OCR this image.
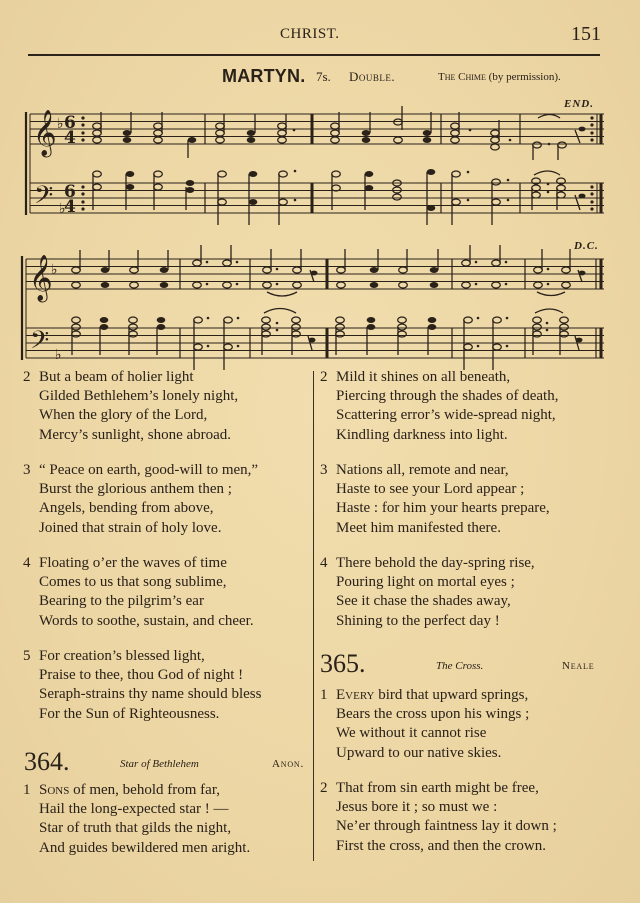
CHRIST.	151
MARTYN. 7s. Double.	The Chime (by permission).
END.
𝄞
𝄢
♭
♭
6
4
6
4
D.C.
𝄞
𝄢
♭
♭
2 But a beam of holier light
Gilded Bethlehem’s lonely night,
When the glory of the Lord,
Mercy’s sunlight, shone abroad.
3 “ Peace on earth, good-will to men,”
Burst the glorious anthem then ;
Angels, bending from above,
Joined that strain of holy love.
4 Floating o’er the waves of time
Comes to us that song sublime,
Bearing to the pilgrim’s ear
Words to soothe, sustain, and cheer.
5 For creation’s blessed light,
Praise to thee, thou God of night !
Seraph-strains thy name should bless
For the Sun of Righteousness.
364.	Star of Bethlehem	Anon.
1 Sons of men, behold from far,
Hail the long-expected star ! —
Star of truth that gilds the night,
And guides bewildered men aright.
2 Mild it shines on all beneath,
Piercing through the shades of death,
Scattering error’s wide-spread night,
Kindling darkness into light.
3 Nations all, remote and near,
Haste to see your Lord appear ;
Haste : for him your hearts prepare,
Meet him manifested there.
4 There behold the day-spring rise,
Pouring light on mortal eyes ;
See it chase the shades away,
Shining to the perfect day !
365.	The Cross.	Neale
1 Every bird that upward springs,
Bears the cross upon his wings ;
We without it cannot rise
Upward to our native skies.
2 That from sin earth might be free,
Jesus bore it ; so must we :
Ne’er through faintness lay it down ;
First the cross, and then the crown.
